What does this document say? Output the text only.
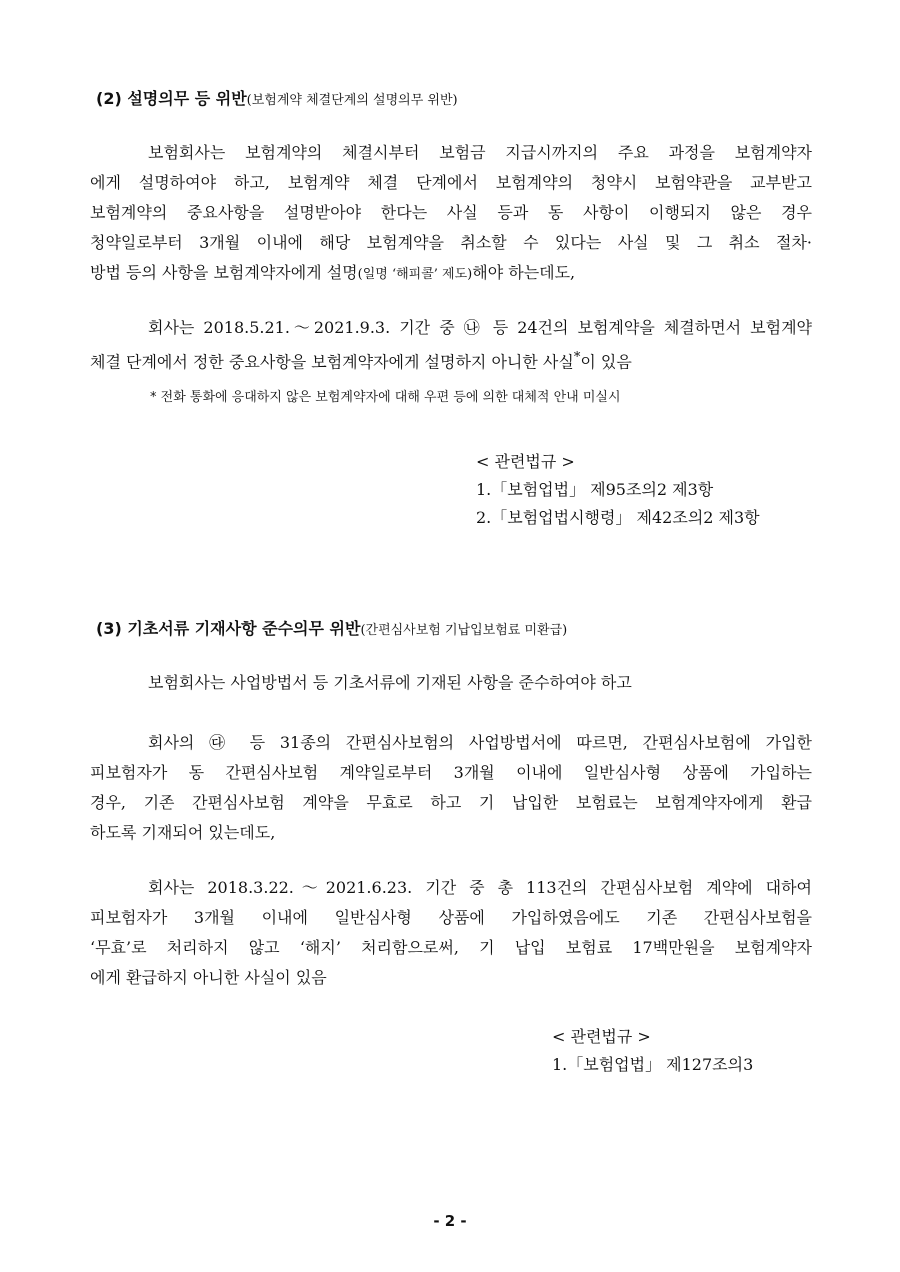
(2) 설명의무 등 위반(보험계약 체결단계의 설명의무 위반)
보험회사는 보험계약의 체결시부터 보험금 지급시까지의 주요 과정을 보험계약자
에게 설명하여야 하고, 보험계약 체결 단계에서 보험계약의 청약시 보험약관을 교부받고
보험계약의 중요사항을 설명받아야 한다는 사실 등과 동 사항이 이행되지 않은 경우
청약일로부터 3개월 이내에 해당 보험계약을 취소할 수 있다는 사실 및 그 취소 절차·
방법 등의 사항을 보험계약자에게 설명(일명 ‘해피콜’ 제도)해야 하는데도,
회사는 2018.5.21.～2021.9.3. 기간 중 ㉯ 등 24건의 보험계약을 체결하면서 보험계약
체결 단계에서 정한 중요사항을 보험계약자에게 설명하지 아니한 사실*이 있음
* 전화 통화에 응대하지 않은 보험계약자에 대해 우편 등에 의한 대체적 안내 미실시
< 관련법규 >
1.「보험업법」 제95조의2 제3항
2.「보험업법시행령」 제42조의2 제3항
(3) 기초서류 기재사항 준수의무 위반(간편심사보험 기납입보험료 미환급)
보험회사는 사업방법서 등 기초서류에 기재된 사항을 준수하여야 하고
회사의 ㉰ 등 31종의 간편심사보험의 사업방법서에 따르면, 간편심사보험에 가입한
피보험자가 동 간편심사보험 계약일로부터 3개월 이내에 일반심사형 상품에 가입하는
경우, 기존 간편심사보험 계약을 무효로 하고 기 납입한 보험료는 보험계약자에게 환급
하도록 기재되어 있는데도,
회사는 2018.3.22.～2021.6.23. 기간 중 총 113건의 간편심사보험 계약에 대하여
피보험자가 3개월 이내에 일반심사형 상품에 가입하였음에도 기존 간편심사보험을
‘무효’로 처리하지 않고 ‘해지’ 처리함으로써, 기 납입 보험료 17백만원을 보험계약자
에게 환급하지 아니한 사실이 있음
< 관련법규 >
1.「보험업법」 제127조의3
- 2 -
